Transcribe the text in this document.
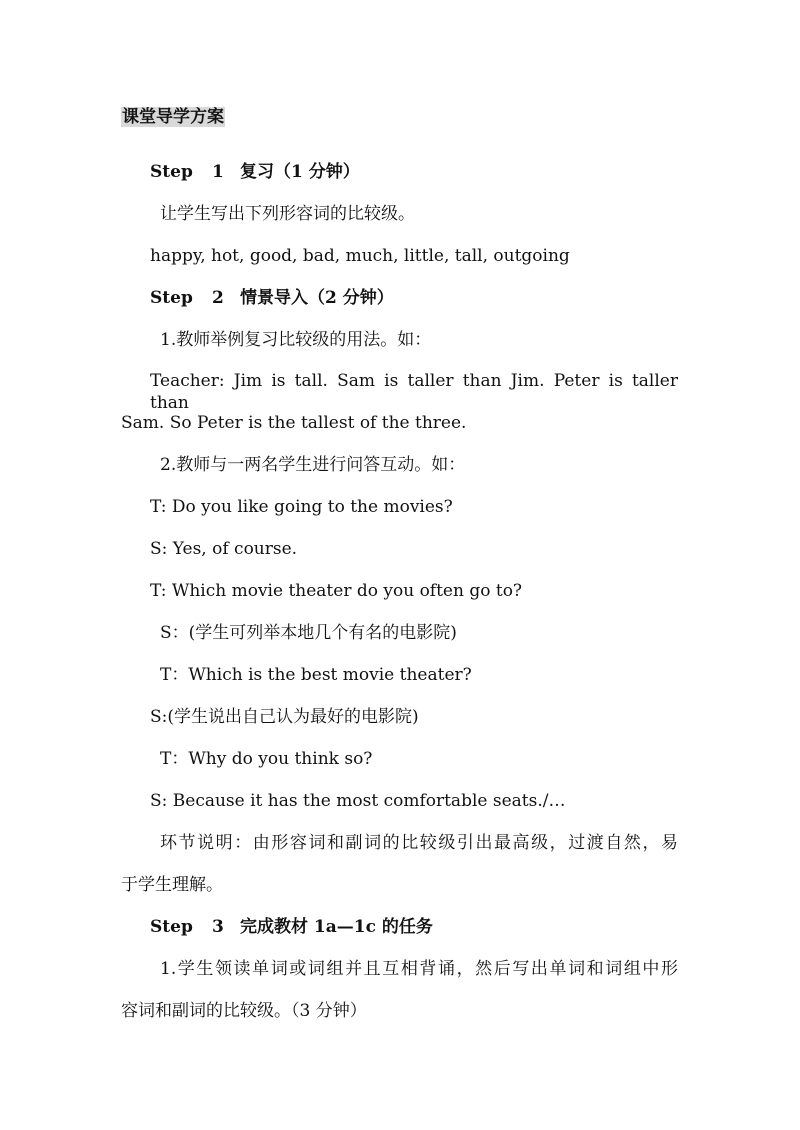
课堂导学方案
Step 1 复习（1 分钟）
让学生写出下列形容词的比较级。
happy, hot, good, bad, much, little, tall, outgoing
Step 2 情景导入（2 分钟）
1.教师举例复习比较级的用法。如：
Teacher: Jim is tall. Sam is taller than Jim. Peter is taller than
Sam. So Peter is the tallest of the three.
2.教师与一两名学生进行问答互动。如：
T: Do you like going to the movies?
S: Yes, of course.
T: Which movie theater do you often go to?
S：(学生可列举本地几个有名的电影院)
T：Which is the best movie theater?
S:(学生说出自己认为最好的电影院)
T：Why do you think so?
S: Because it has the most comfortable seats./…
环节说明：由形容词和副词的比较级引出最高级，过渡自然，易
于学生理解。
Step 3 完成教材 1a—1c 的任务
1.学生领读单词或词组并且互相背诵，然后写出单词和词组中形
容词和副词的比较级。（3 分钟）
